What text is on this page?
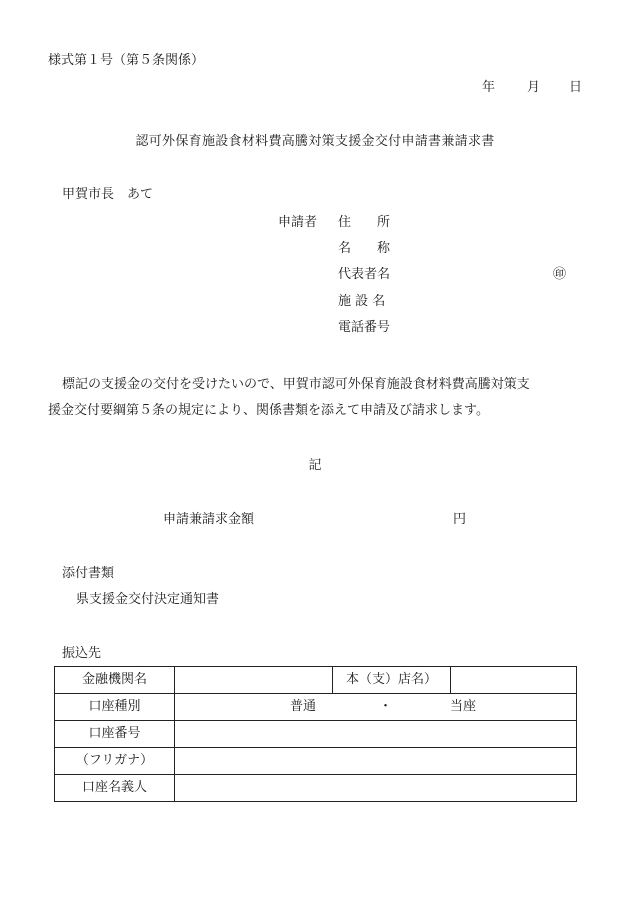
様式第１号（第５条関係）
年 月 日
認可外保育施設食材料費高騰対策支援金交付申請書兼請求書
甲賀市長　あて
申請者 住　　所
名　　称
代表者名	㊞
施 設 名
電話番号
標記の支援金の交付を受けたいので、甲賀市認可外保育施設食材料費高騰対策支
援金交付要綱第５条の規定により、関係書類を添えて申請及び請求します。
記
申請兼請求金額	円
添付書類
県支援金交付決定通知書
振込先
金融機関名		本（支）店名）	
口座種別	普通 ・ 当座		

口座番号			
（フリガナ）			
口座名義人			
